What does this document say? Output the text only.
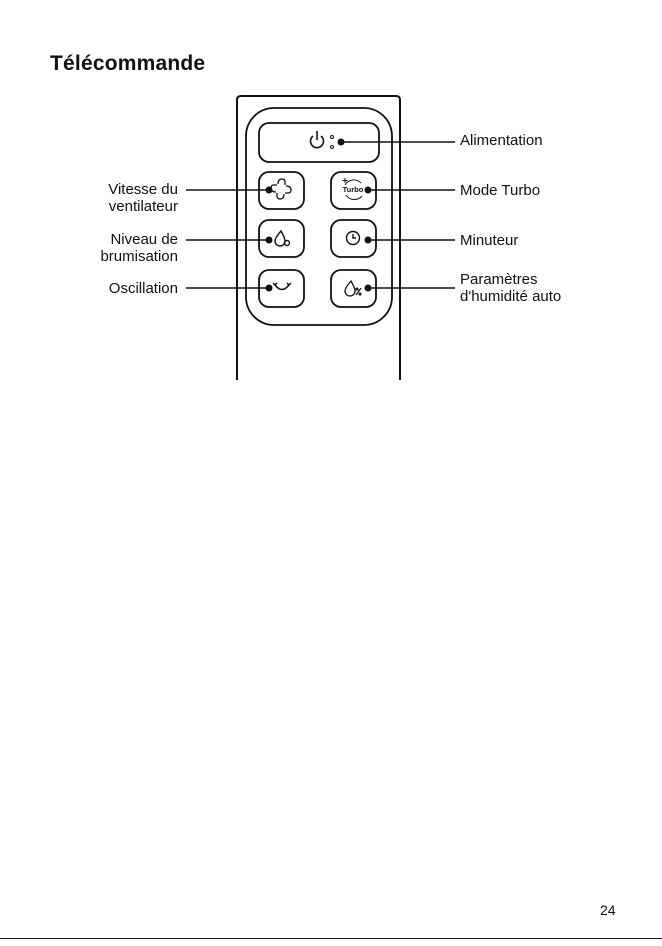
Télécommande
Turbo
Alimentation
Vitesse du
ventilateur
Mode Turbo
Niveau de
brumisation
Minuteur
Oscillation
Paramètres
d'humidité auto
24
